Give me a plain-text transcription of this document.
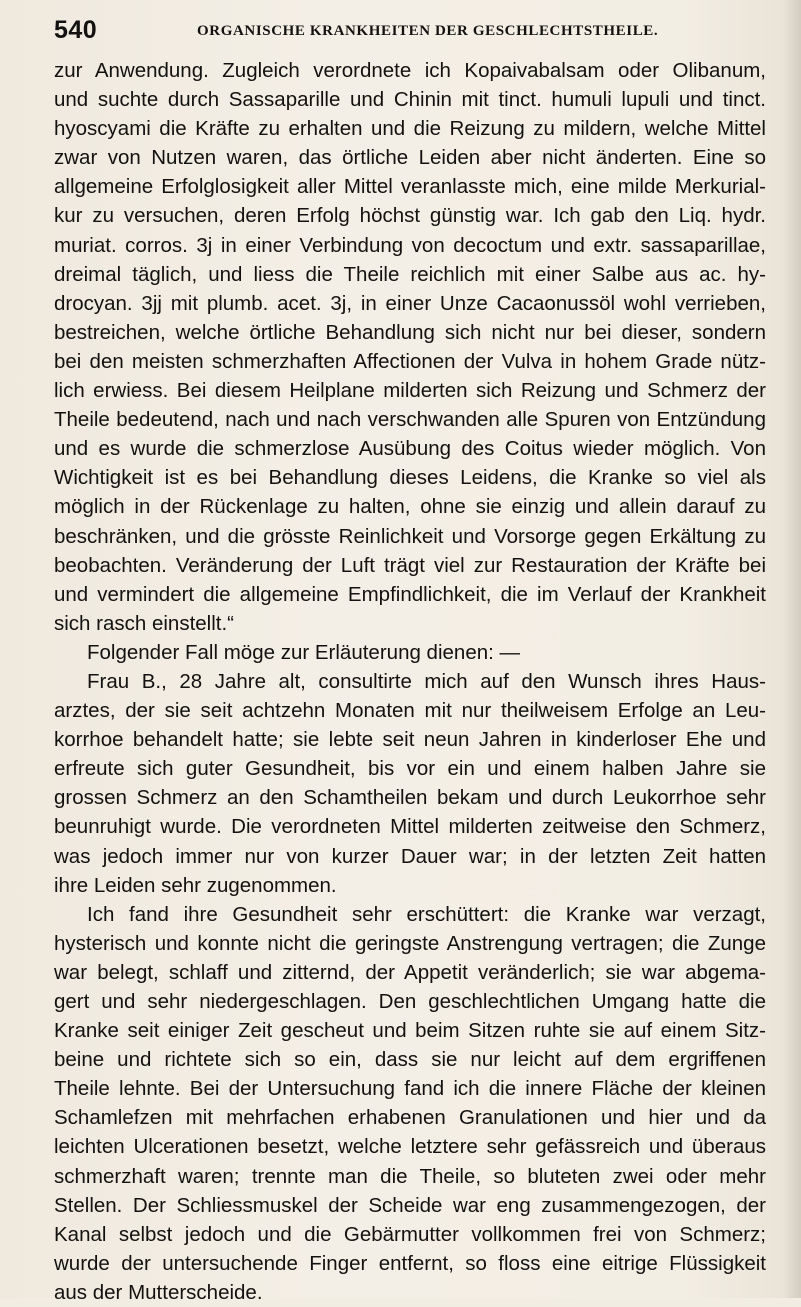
540	ORGANISCHE KRANKHEITEN DER GESCHLECHTSTHEILE.
zur Anwendung. Zugleich verordnete ich Kopaivabalsam oder Olibanum,
und suchte durch Sassaparille und Chinin mit tinct. humuli lupuli und tinct.
hyoscyami die Kräfte zu erhalten und die Reizung zu mildern, welche Mittel
zwar von Nutzen waren, das örtliche Leiden aber nicht änderten. Eine so
allgemeine Erfolglosigkeit aller Mittel veranlasste mich, eine milde Merkurial-
kur zu versuchen, deren Erfolg höchst günstig war. Ich gab den Liq. hydr.
muriat. corros. 3j in einer Verbindung von decoctum und extr. sassaparillae,
dreimal täglich, und liess die Theile reichlich mit einer Salbe aus ac. hy-
drocyan. 3jj mit plumb. acet. 3j, in einer Unze Cacaonussöl wohl verrieben,
bestreichen, welche örtliche Behandlung sich nicht nur bei dieser, sondern
bei den meisten schmerzhaften Affectionen der Vulva in hohem Grade nütz-
lich erwiess. Bei diesem Heilplane milderten sich Reizung und Schmerz der
Theile bedeutend, nach und nach verschwanden alle Spuren von Entzündung
und es wurde die schmerzlose Ausübung des Coitus wieder möglich. Von
Wichtigkeit ist es bei Behandlung dieses Leidens, die Kranke so viel als
möglich in der Rückenlage zu halten, ohne sie einzig und allein darauf zu
beschränken, und die grösste Reinlichkeit und Vorsorge gegen Erkältung zu
beobachten. Veränderung der Luft trägt viel zur Restauration der Kräfte bei
und vermindert die allgemeine Empfindlichkeit, die im Verlauf der Krankheit
sich rasch einstellt.“
Folgender Fall möge zur Erläuterung dienen: —
Frau B., 28 Jahre alt, consultirte mich auf den Wunsch ihres Haus-
arztes, der sie seit achtzehn Monaten mit nur theilweisem Erfolge an Leu-
korrhoe behandelt hatte; sie lebte seit neun Jahren in kinderloser Ehe und
erfreute sich guter Gesundheit, bis vor ein und einem halben Jahre sie
grossen Schmerz an den Schamtheilen bekam und durch Leukorrhoe sehr
beunruhigt wurde. Die verordneten Mittel milderten zeitweise den Schmerz,
was jedoch immer nur von kurzer Dauer war; in der letzten Zeit hatten
ihre Leiden sehr zugenommen.
Ich fand ihre Gesundheit sehr erschüttert: die Kranke war verzagt,
hysterisch und konnte nicht die geringste Anstrengung vertragen; die Zunge
war belegt, schlaff und zitternd, der Appetit veränderlich; sie war abgema-
gert und sehr niedergeschlagen. Den geschlechtlichen Umgang hatte die
Kranke seit einiger Zeit gescheut und beim Sitzen ruhte sie auf einem Sitz-
beine und richtete sich so ein, dass sie nur leicht auf dem ergriffenen
Theile lehnte. Bei der Untersuchung fand ich die innere Fläche der kleinen
Schamlefzen mit mehrfachen erhabenen Granulationen und hier und da
leichten Ulcerationen besetzt, welche letztere sehr gefässreich und überaus
schmerzhaft waren; trennte man die Theile, so bluteten zwei oder mehr
Stellen. Der Schliessmuskel der Scheide war eng zusammengezogen, der
Kanal selbst jedoch und die Gebärmutter vollkommen frei von Schmerz;
wurde der untersuchende Finger entfernt, so floss eine eitrige Flüssigkeit
aus der Mutterscheide.
